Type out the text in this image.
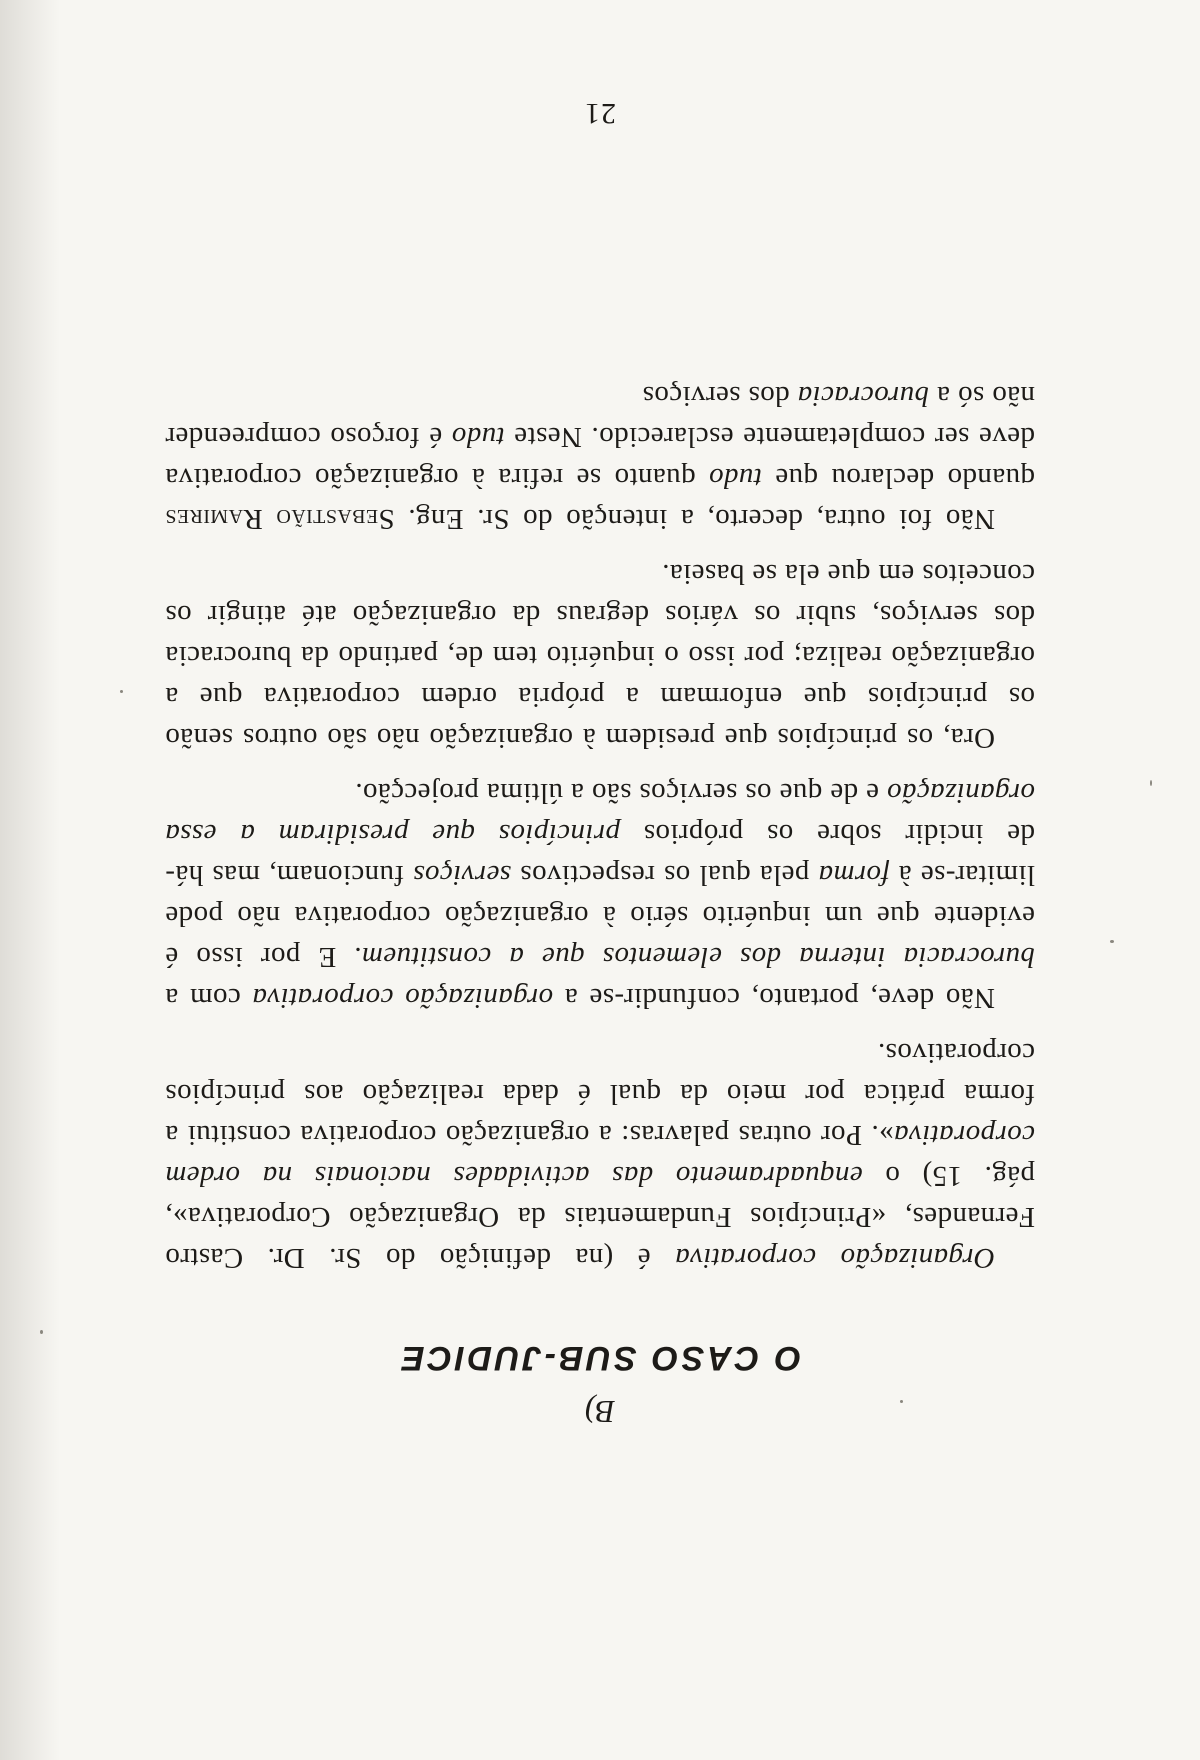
B)
O CASO SUB-JUDICE

Organização corporativa é (na definição do Sr. Dr. Castro Fernandes, «Princípios Fundamentais da Organização Corporativa», pág. 15) o enquadramento das actividades nacionais na ordem corporativa». Por outras palavras: a organização corporativa constitui a forma prática por meio da qual é dada realização aos princípios corporativos.

Não deve, portanto, confundir-se a organização corporativa com a burocracia interna dos elementos que a constituem. E por isso é evidente que um inquérito sério à organização corporativa não pode limitar-se à forma pela qual os respectivos serviços funcionam, mas há-de incidir sobre os próprios princípios que presidiram a essa organização e de que os serviços são a última projecção.

Ora, os princípios que presidem à organização não são outros senão os princípios que enformam a própria ordem corporativa que a organização realiza; por isso o inquérito tem de, partindo da burocracia dos serviços, subir os vários degraus da organização até atingir os conceitos em que ela se baseia.

Não foi outra, decerto, a intenção do Sr. Eng. Sebastião Ramires quando declarou que tudo quanto se refira à organização corporativa deve ser completamente esclarecido. Neste tudo é forçoso compreender não só a burocracia dos serviços

21
